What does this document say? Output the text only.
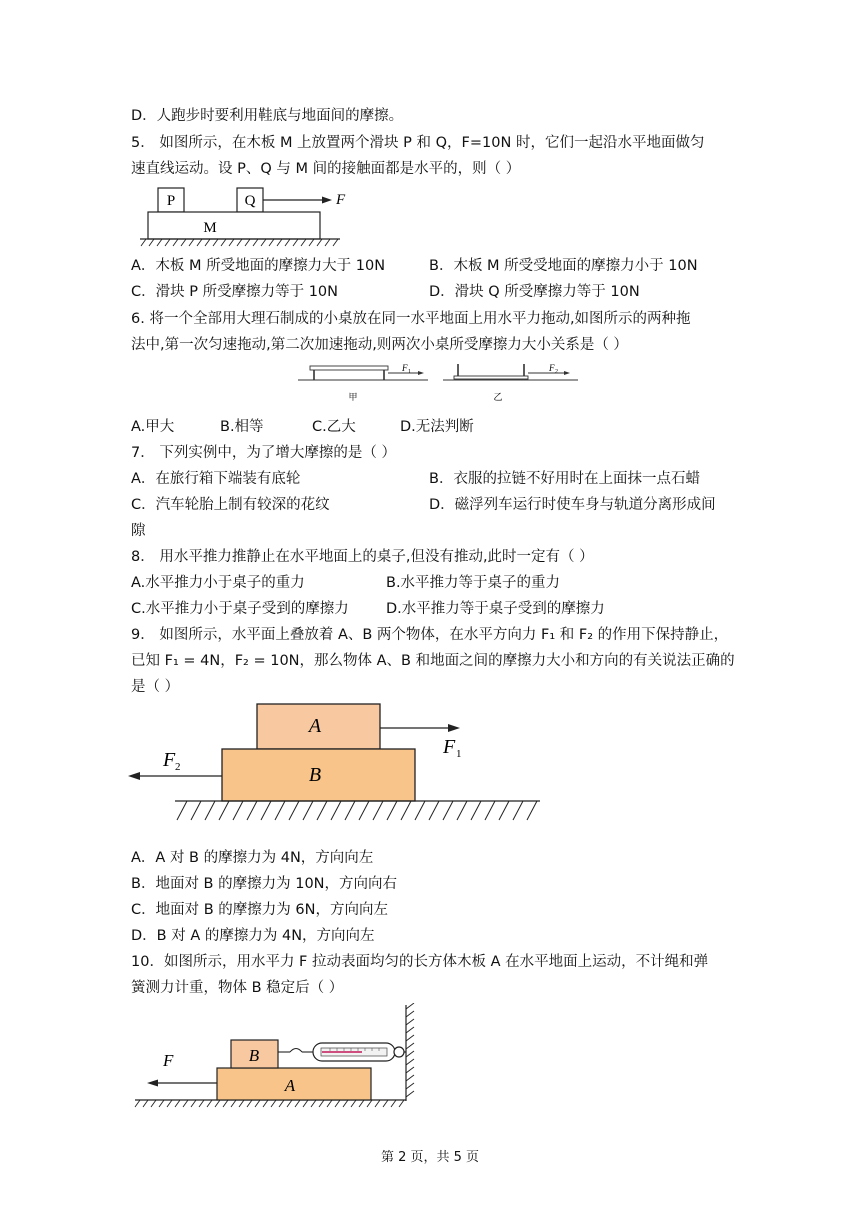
D．人跑步时要利用鞋底与地面间的摩擦。
5． 如图所示，在木板 M 上放置两个滑块 P 和 Q，F=10N 时，它们一起沿水平地面做匀
速直线运动。设 P、Q 与 M 间的接触面都是水平的，则（ ）
P	Q
M
F
A．木板 M 所受地面的摩擦力大于 10N	B．木板 M 所受受地面的摩擦力小于 10N
C．滑块 P 所受摩擦力等于 10N	D．滑块 Q 所受摩擦力等于 10N
6. 将一个全部用大理石制成的小桌放在同一水平地面上用水平力拖动,如图所示的两种拖
法中,第一次匀速拖动,第二次加速拖动,则两次小桌所受摩擦力大小关系是（ ）
F 1	F 2
甲	乙
A.甲大	B.相等	C.乙大	D.无法判断
7． 下列实例中，为了增大摩擦的是（ ）
A．在旅行箱下端装有底轮	B．衣服的拉链不好用时在上面抹一点石蜡
C．汽车轮胎上制有较深的花纹	D．磁浮列车运行时使车身与轨道分离形成间
隙
8． 用水平推力推静止在水平地面上的桌子,但没有推动,此时一定有（ ）
A.水平推力小于桌子的重力	B.水平推力等于桌子的重力
C.水平推力小于桌子受到的摩擦力	D.水平推力等于桌子受到的摩擦力
9． 如图所示，水平面上叠放着 A、B 两个物体，在水平方向力 F₁ 和 F₂ 的作用下保持静止，
已知 F₁ = 4N，F₂ = 10N，那么物体 A、B 和地面之间的摩擦力大小和方向的有关说法正确的
是（ ）
A
B
F 1
F 2
A．A 对 B 的摩擦力为 4N，方向向左
B．地面对 B 的摩擦力为 10N，方向向右
C．地面对 B 的摩擦力为 6N，方向向左
D．B 对 A 的摩擦力为 4N，方向向左
10．如图所示，用水平力 F 拉动表面均匀的长方体木板 A 在水平地面上运动，不计绳和弹
簧测力计重，物体 B 稳定后（ ）
F	B
A
第 2 页，共 5 页
